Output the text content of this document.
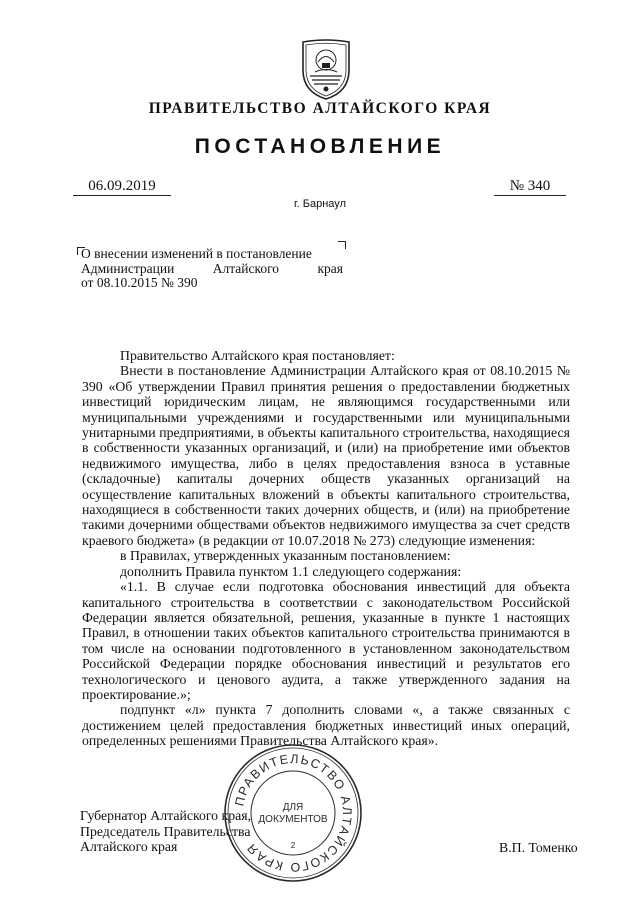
ПРАВИТЕЛЬСТВО АЛТАЙСКОГО КРАЯ
ПОСТАНОВЛЕНИЕ
06.09.2019	№ 340
г. Барнаул
О внесении изменений в постановление
Администрации	Алтайского	края
от 08.10.2015 № 390

Правительство Алтайского края постановляет:

Внести в постановление Администрации Алтайского края от 08.10.2015 № 390 «Об утверждении Правил принятия решения о предоставлении бюджетных инвестиций юридическим лицам, не являющимся государственными или муниципальными учреждениями и государственными или муниципальными унитарными предприятиями, в объекты капитального строительства, находящиеся в собственности указанных организаций, и (или) на приобретение ими объектов недвижимого имущества, либо в целях предоставления взноса в уставные (складочные) капиталы дочерних обществ указанных организаций на осуществление капитальных вложений в объекты капитального строительства, находящиеся в собственности таких дочерних обществ, и (или) на приобретение такими дочерними обществами объектов недвижимого имущества за счет средств краевого бюджета» (в редакции от 10.07.2018 № 273) следующие изменения:

в Правилах, утвержденных указанным постановлением:

дополнить Правила пунктом 1.1 следующего содержания:

«1.1. В случае если подготовка обоснования инвестиций для объекта капитального строительства в соответствии с законодательством Российской Федерации является обязательной, решения, указанные в пункте 1 настоящих Правил, в отношении таких объектов капитального строительства принимаются в том числе на основании подготовленного в установленном законодательством Российской Федерации порядке обоснования инвестиций и результатов его технологического и ценового аудита, а также утвержденного задания на проектирование.»;

подпункт «л» пункта 7 дополнить словами «, а также связанных с достижением целей предоставления бюджетных инвестиций иных операций, определенных решениями Правительства Алтайского края».

Губернатор Алтайского края,
Председатель Правительства
Алтайского края	В.П. Томенко
ПРАВИТЕЛЬСТВО АЛТАЙСКОГО КРАЯ
ДЛЯ
ДОКУМЕНТОВ
2
